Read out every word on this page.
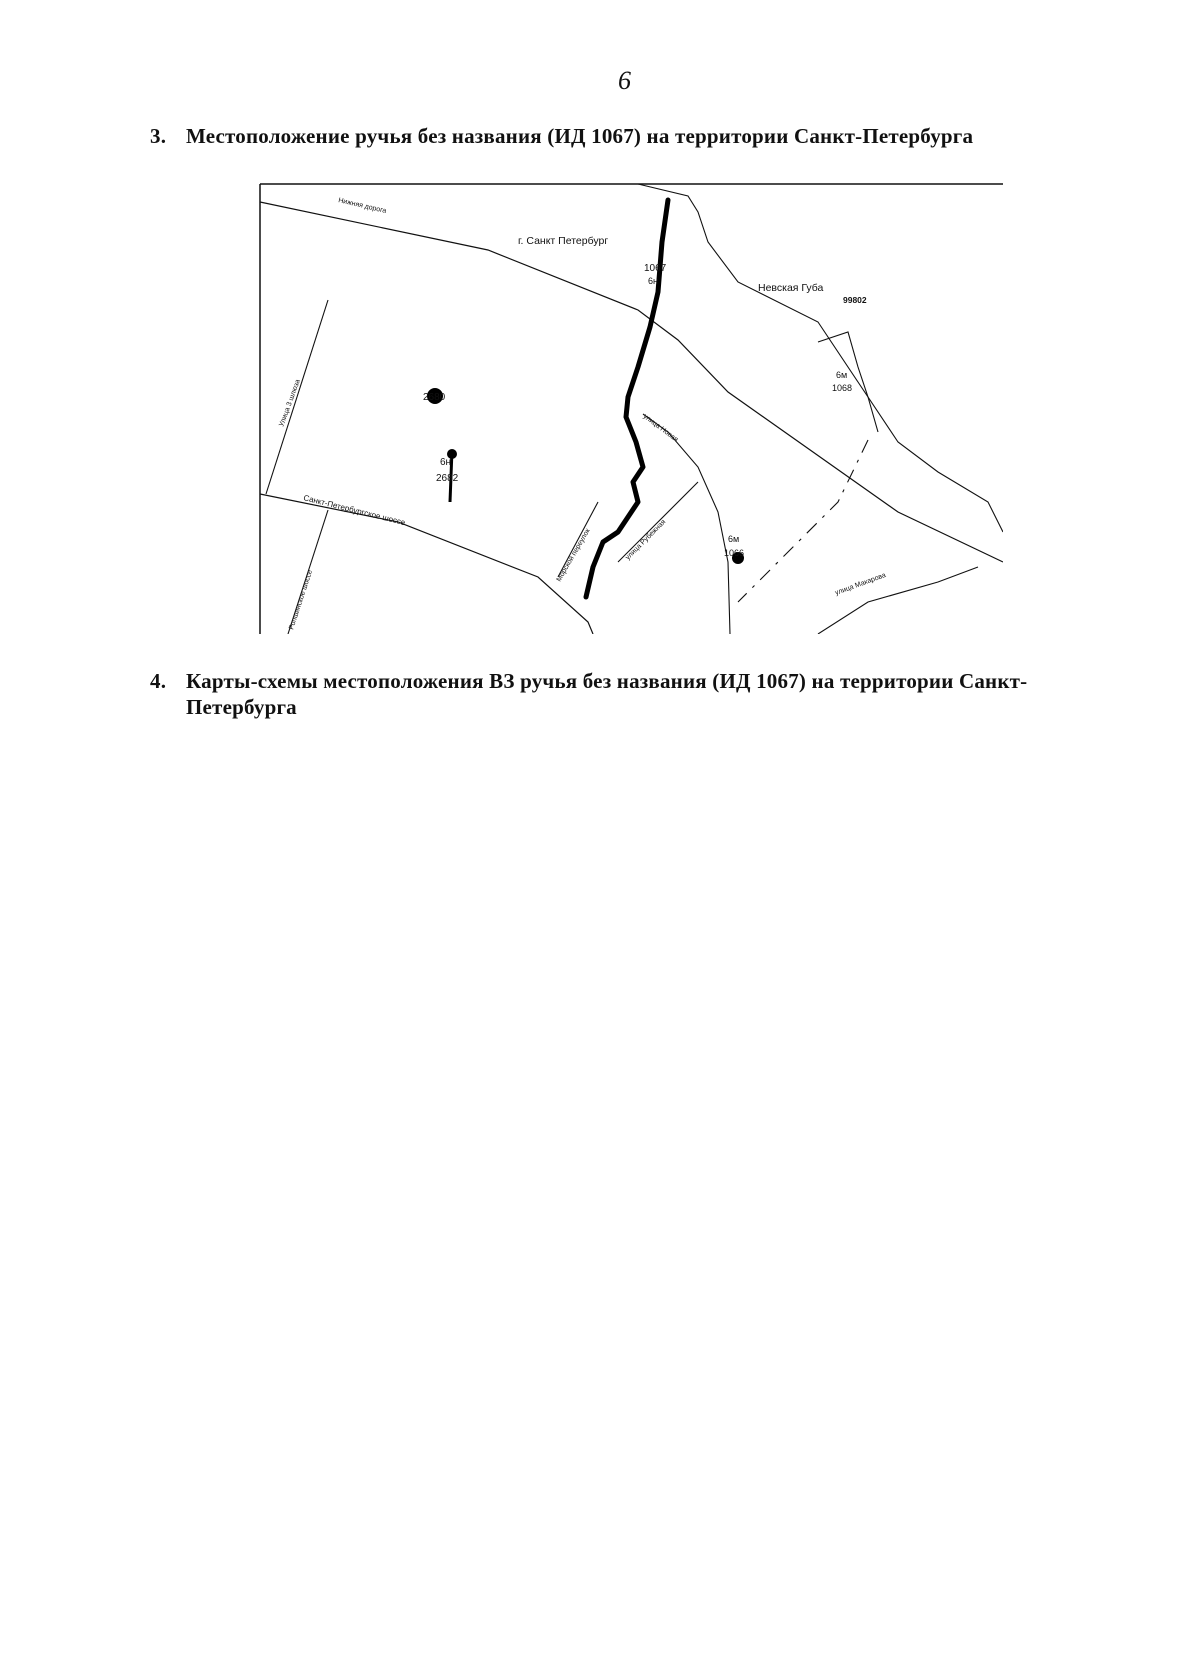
6
3. Местоположение ручья без названия (ИД 1067) на территории Санкт-Петербурга
Нижняя дорога
г. Санкт Петербург
1067
6н
Невская Губа
99802
Улица 3 шлюза	2680
6н
2682
6м
1068
улица Новая
Санкт-Петербургское шоссе
Морской переулок	улица Рубежная	6м
1066
Ропшинское шоссе	улица Макарова
4. Карты-схемы местоположения ВЗ ручья без названия (ИД 1067) на территории Санкт-
Петербурга
